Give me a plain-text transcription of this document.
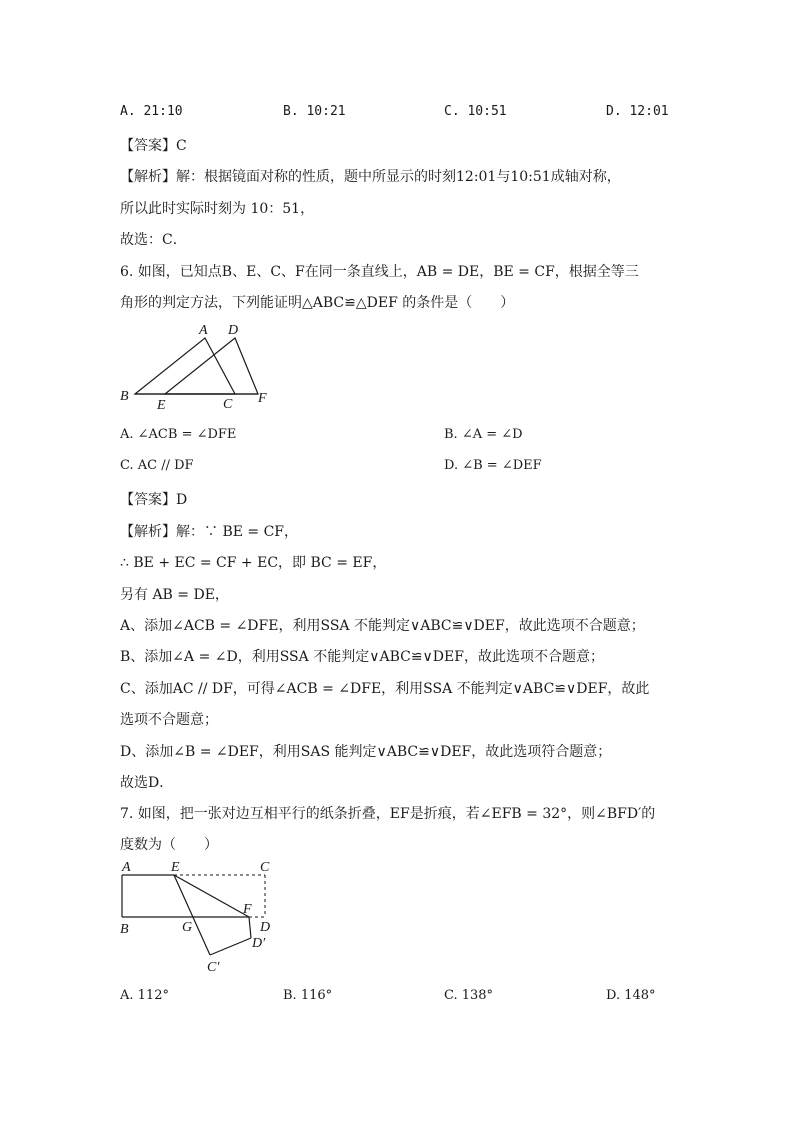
A. 21:10	B. 10:21	C. 10:51	D. 12:01
【答案】C
【解析】解：根据镜面对称的性质，题中所显示的时刻12:01与10:51成轴对称，
所以此时实际时刻为 10：51，
故选：C．
6. 如图，已知点B、E、C、F在同一条直线上，AB = DE，BE = CF，根据全等三
角形的判定方法，下列能证明△ABC≌△DEF 的条件是（　　）
A D
B
E	C F
A. ∠ACB = ∠DFE	B. ∠A = ∠D
C. AC // DF	D. ∠B = ∠DEF
【答案】D
【解析】解：∵ BE = CF，
∴ BE + EC = CF + EC，即 BC = EF，
另有 AB = DE，
A、添加∠ACB = ∠DFE，利用SSA 不能判定∨ABC≌∨DEF，故此选项不合题意；
B、添加∠A = ∠D，利用SSA 不能判定∨ABC≌∨DEF，故此选项不合题意；
C、添加AC // DF，可得∠ACB = ∠DFE，利用SSA 不能判定∨ABC≌∨DEF，故此
选项不合题意；
D、添加∠B = ∠DEF，利用SAS 能判定∨ABC≌∨DEF，故此选项符合题意；
故选D．
7. 如图，把一张对边互相平行的纸条折叠，EF是折痕，若∠EFB = 32°，则∠BFD′的
度数为（　　）
A	E	C
F
D
B	G
D′
C′
A. 112°	B. 116°	C. 138°	D. 148°
